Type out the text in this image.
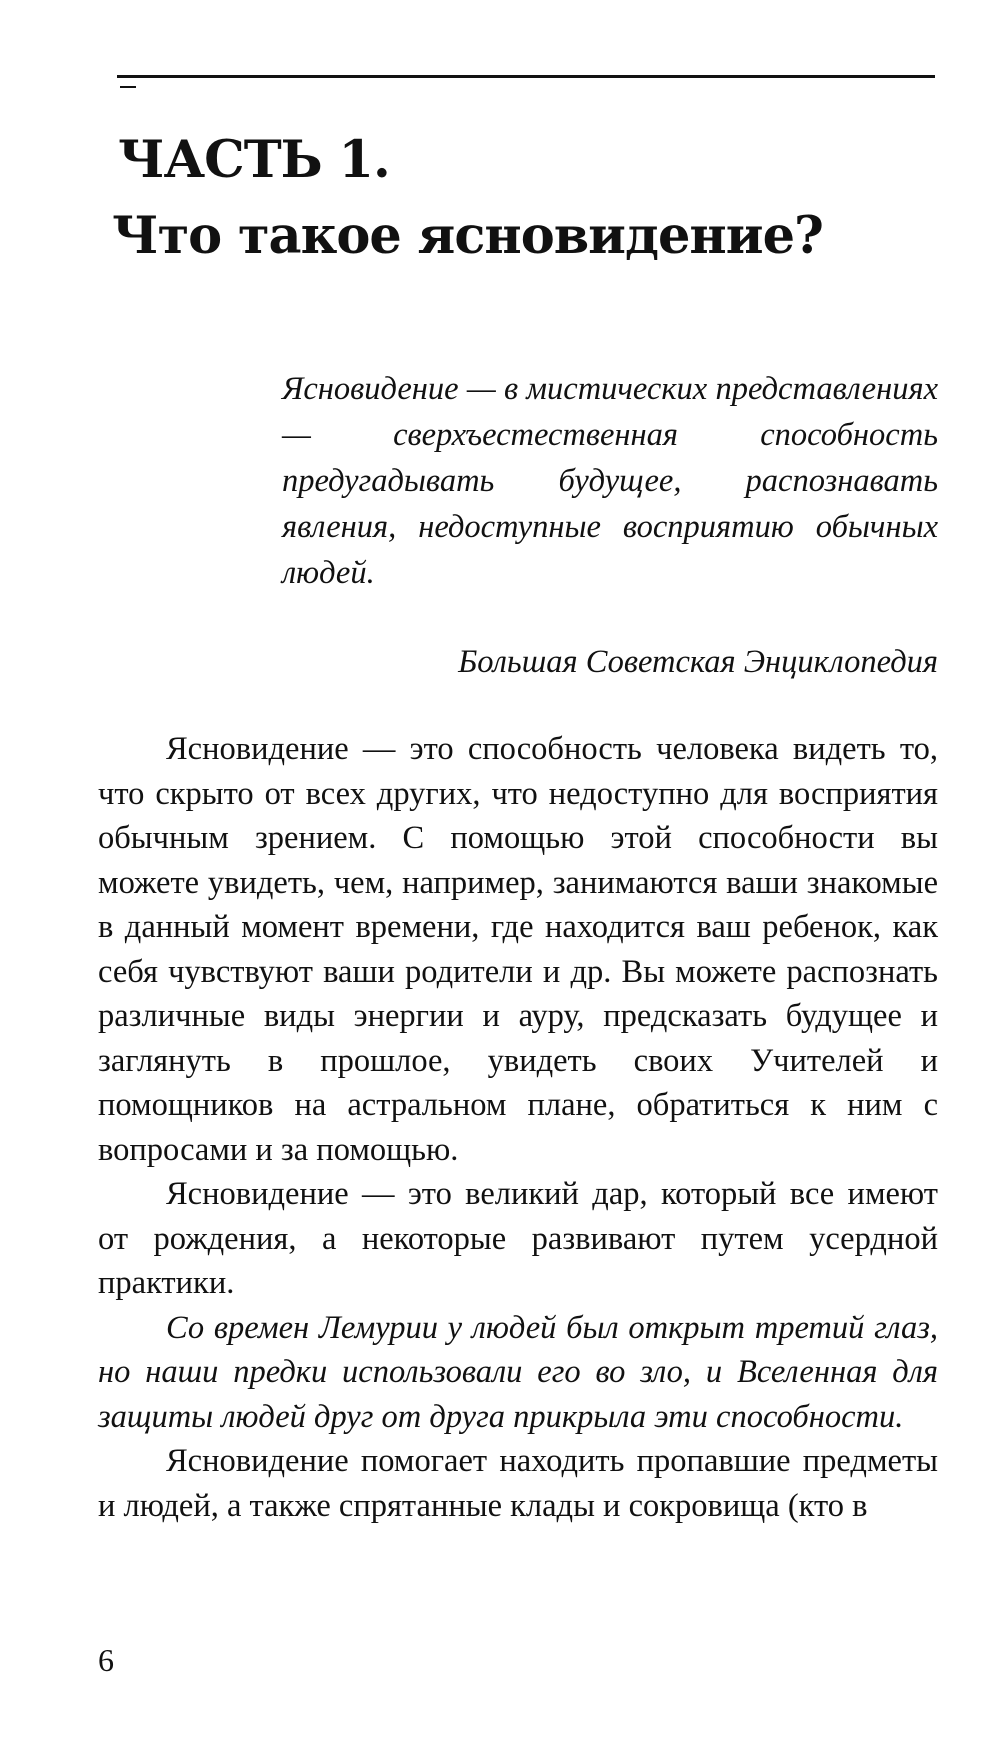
ЧАСТЬ 1.
Что такое ясновидение?

Ясновидение — в мистических представлениях — сверхъестественная способность предугадывать будущее, распознавать явления, недоступные восприятию обычных людей.

Большая Советская Энциклопедия

Ясновидение — это способность человека видеть то, что скрыто от всех других, что недоступно для восприятия обычным зрением. С помощью этой способности вы можете увидеть, чем, например, занимаются ваши знакомые в данный момент времени, где находится ваш ребенок, как себя чувствуют ваши родители и др. Вы можете распознать различные виды энергии и ауру, предсказать будущее и заглянуть в прошлое, увидеть своих Учителей и помощников на астральном плане, обратиться к ним с вопросами и за помощью.

Ясновидение — это великий дар, который все имеют от рождения, а некоторые развивают путем усердной практики.

Со времен Лемурии у людей был открыт третий глаз, но наши предки использовали его во зло, и Вселенная для защиты людей друг от друга прикрыла эти способности.

Ясновидение помогает находить пропавшие предметы и людей, а также спрятанные клады и сокровища (кто в

6
